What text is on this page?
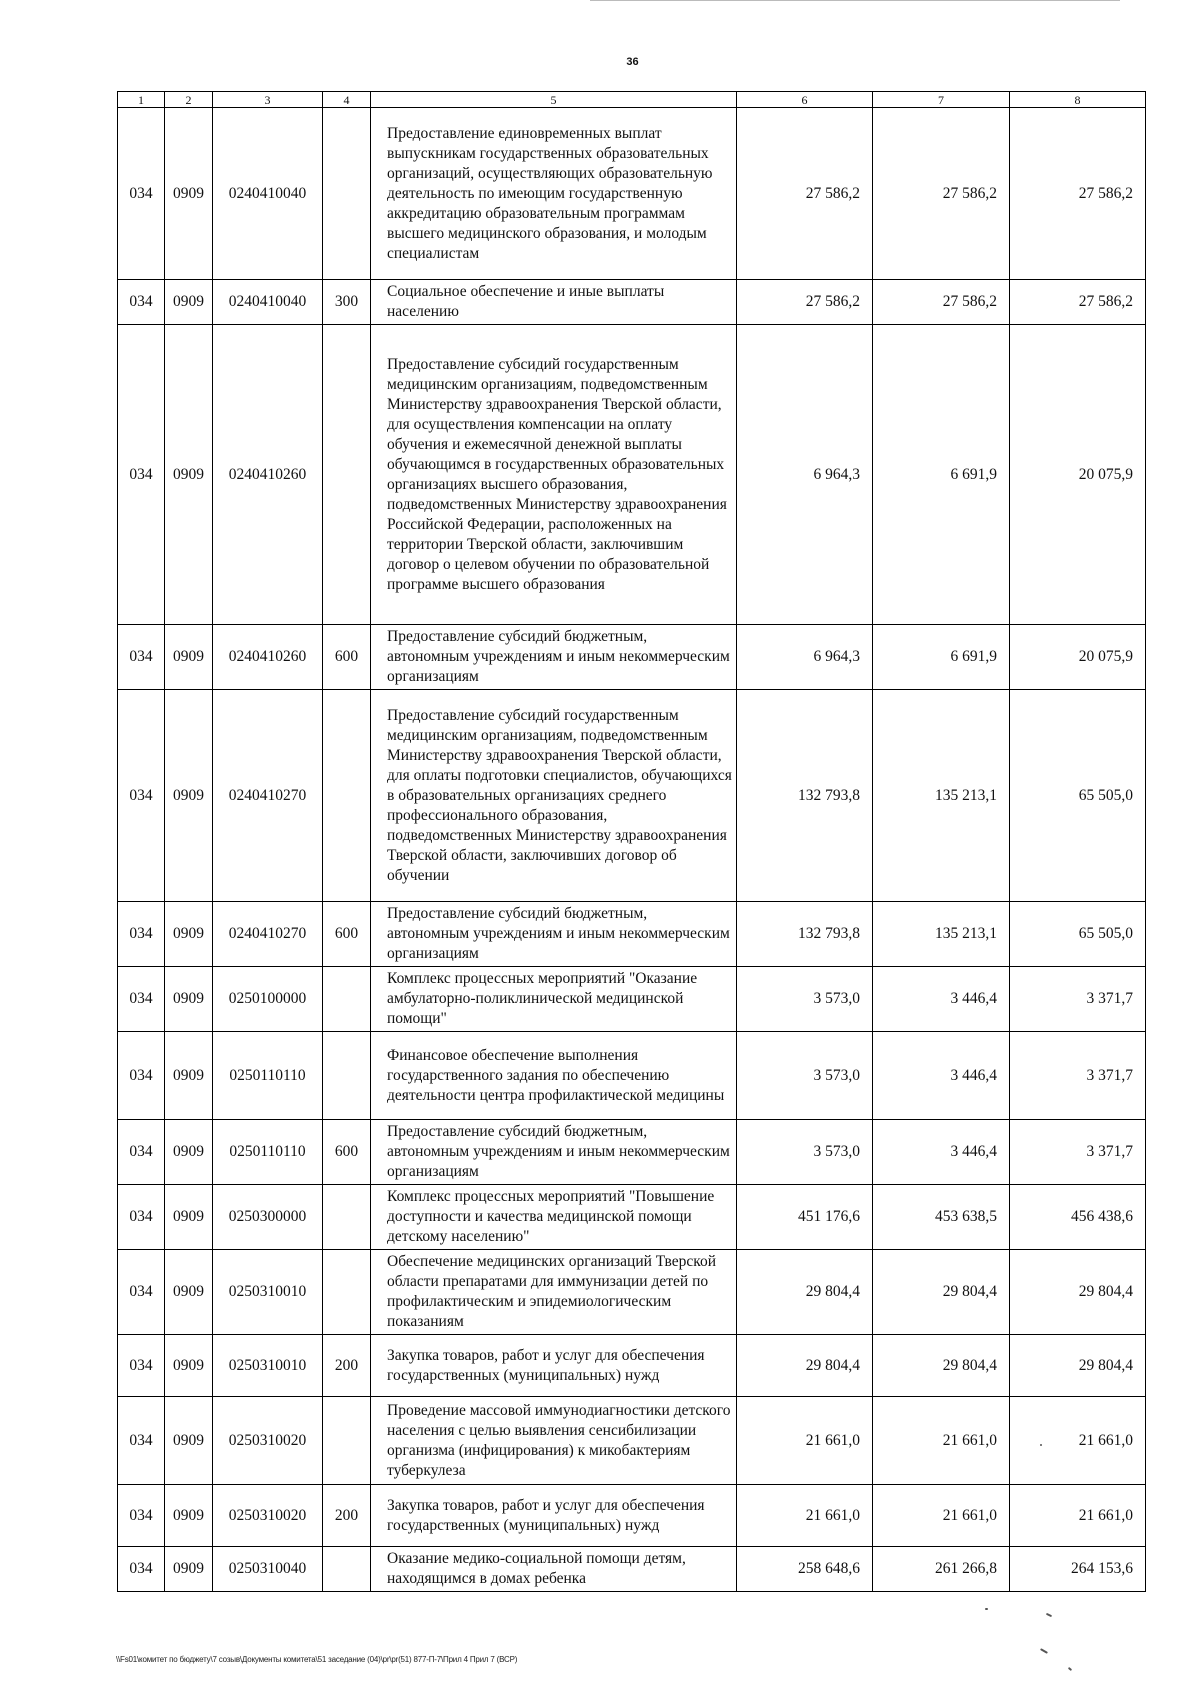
36
1	2	3	4	5	6	7	8
034	0909	0240410040		Предоставление единовременных выплат выпускникам государственных образовательных организаций, осуществляющих образовательную деятельность по имеющим государственную аккредитацию образовательным программам высшего медицинского образования, и молодым специалистам	27 586,2	27 586,2	27 586,2
034	0909	0240410040	300	Социальное обеспечение и иные выплаты населению	27 586,2	27 586,2	27 586,2
034	0909	0240410260		Предоставление субсидий государственным медицинским организациям, подведомственным Министерству здравоохранения Тверской области, для осуществления компенсации на оплату обучения и ежемесячной денежной выплаты обучающимся в государственных образовательных организациях высшего образования, подведомственных Министерству здравоохранения Российской Федерации, расположенных на территории Тверской области, заключившим договор о целевом обучении по образовательной программе высшего образования	6 964,3	6 691,9	20 075,9
034	0909	0240410260	600	Предоставление субсидий бюджетным, автономным учреждениям и иным некоммерческим организациям	6 964,3	6 691,9	20 075,9
034	0909	0240410270		Предоставление субсидий государственным медицинским организациям, подведомственным Министерству здравоохранения Тверской области, для оплаты подготовки специалистов, обучающихся в образовательных организациях среднего профессионального образования, подведомственных Министерству здравоохранения Тверской области, заключивших договор об обучении	132 793,8	135 213,1	65 505,0
034	0909	0240410270	600	Предоставление субсидий бюджетным, автономным учреждениям и иным некоммерческим организациям	132 793,8	135 213,1	65 505,0
034	0909	0250100000		Комплекс процессных мероприятий "Оказание амбулаторно-поликлинической медицинской помощи"	3 573,0	3 446,4	3 371,7
034	0909	0250110110		Финансовое обеспечение выполнения государственного задания по обеспечению деятельности центра профилактической медицины	3 573,0	3 446,4	3 371,7
034	0909	0250110110	600	Предоставление субсидий бюджетным, автономным учреждениям и иным некоммерческим организациям	3 573,0	3 446,4	3 371,7
034	0909	0250300000		Комплекс процессных мероприятий "Повышение доступности и качества медицинской помощи детскому населению"	451 176,6	453 638,5	456 438,6
034	0909	0250310010		Обеспечение медицинских организаций Тверской области препаратами для иммунизации детей по профилактическим и эпидемиологическим показаниям	29 804,4	29 804,4	29 804,4
034	0909	0250310010	200	Закупка товаров, работ и услуг для обеспечения государственных (муниципальных) нужд	29 804,4	29 804,4	29 804,4
034	0909	0250310020		Проведение массовой иммунодиагностики детского населения с целью выявления сенсибилизации организма (инфицирования) к микобактериям туберкулеза	21 661,0	21 661,0	21 661,0
034	0909	0250310020	200	Закупка товаров, работ и услуг для обеспечения государственных (муниципальных) нужд	21 661,0	21 661,0	21 661,0
034	0909	0250310040		Оказание медико-социальной помощи детям, находящимся в домах ребенка	258 648,6	261 266,8	264 153,6
\\Fs01\комитет по бюджету\7 созыв\Документы комитета\51 заседание (04)\pr\pr(51) 877-П-7\Прил 4 Прил 7 (ВСР)
